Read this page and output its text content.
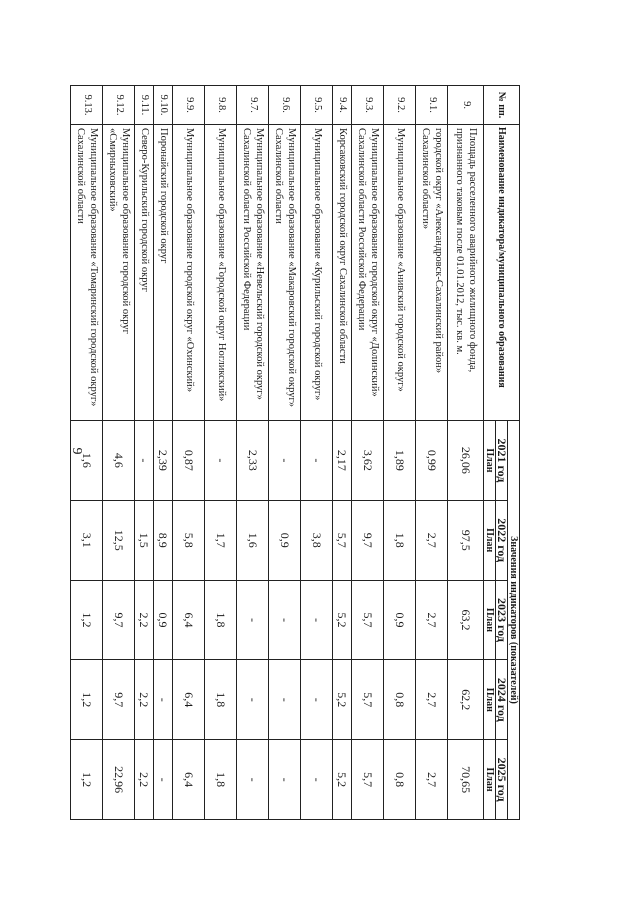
9
№ пп.	Наименование индикатора/муниципального образования	Значения индикаторов (показателей)				
		2021 год	2022 год	2023 год	2024 год	2025 год
		План	План	План	План	План
9.	Площадь расселенного аварийного жилищного фонда, признанного таковым после 01.01.2012, тыс. кв. м.	26,06	97,5	63,2	62,2	70,65
9.1.	городской округ «Александровск-Сахалинский район» Сахалинской области»	0,99	2,7	2,7	2,7	2,7
9.2.	Муниципальное образование «Анивский городской округ»	1,89	1,8	0,9	0,8	0,8
9.3.	Муниципальное образование городской округ «Долинский» Сахалинской области Российской Федерации	3,62	9,7	5,7	5,7	5,7
9.4.	Корсаковский городской округ Сахалинской области	2,17	5,7	5,2	5,2	5,2
9.5.	Муниципальное образование «Курильский городской округ»	-	3,8	-	-	-
9.6.	Муниципальное образование «Макаровский городской округ» Сахалинской области	-	0,9	-	-	-
9.7.	Муниципальное образование «Невельский городской округ» Сахалинской области Российской Федерации	2,33	1,6	-	-	-
9.8.	Муниципальное образование «Городской округ Ногликский»	-	1,7	1,8	1,8	1,8
9.9.	Муниципальное образование городской округ «Охинский»	0,87	5,8	6,4	6,4	6,4
9.10.	Поронайский городской округ	2,39	8,9	0,9	-	-
9.11.	Северо-Курильский городской округ	-	1,5	2,2	2,2	2,2
9.12.	Муниципальное образование городской округ «Смирныховский»	4,6	12,5	9,7	9,7	22,96
9.13.	Муниципальное образование «Томаринский городской округ» Сахалинской области	1,6	3,1	1,2	1,2	1,2
